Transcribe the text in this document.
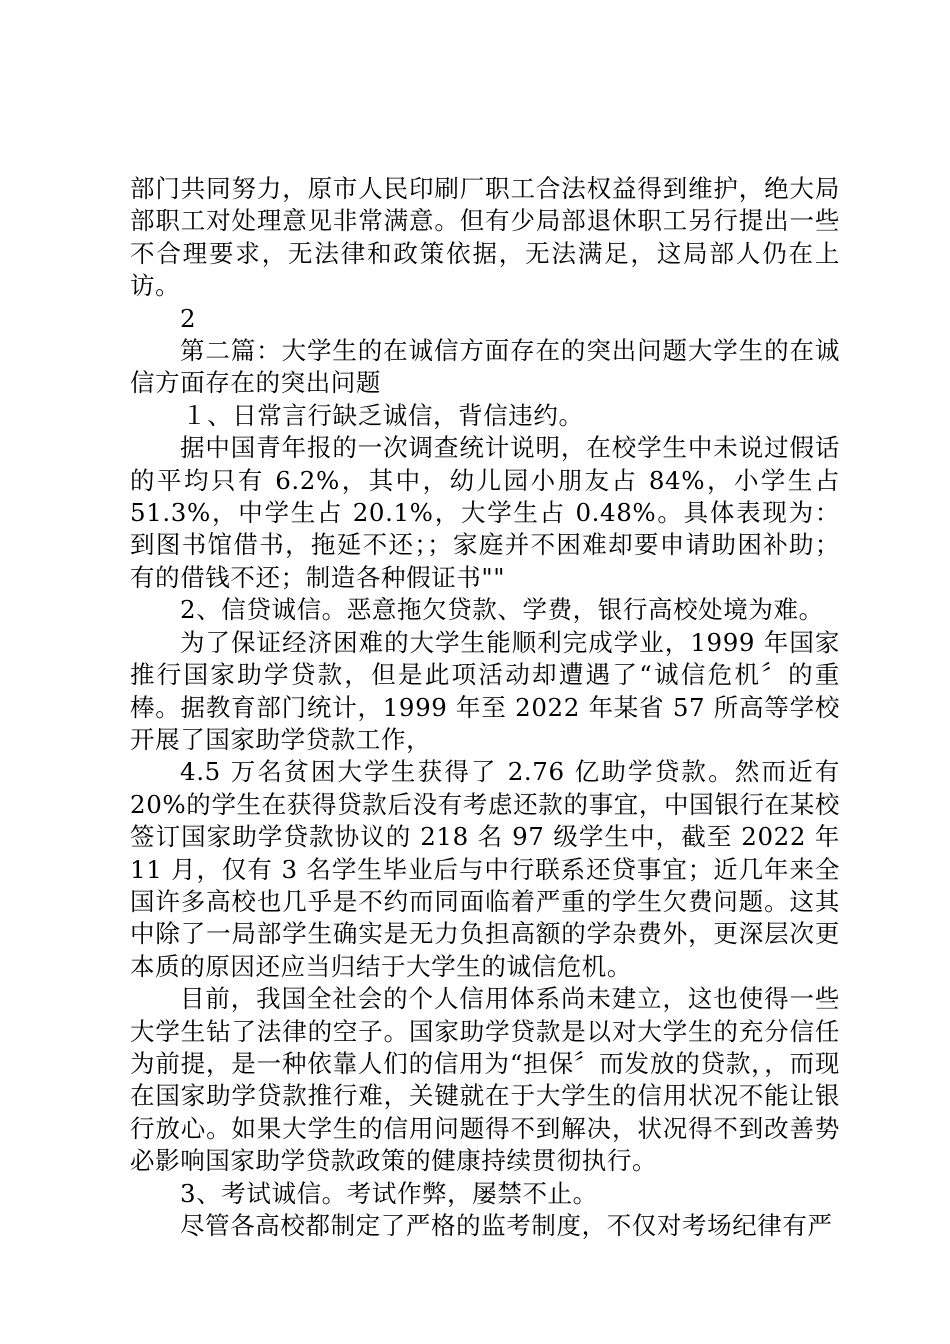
部门共同努力，原市人民印刷厂职工合法权益得到维护，绝大局部职工对处理意见非常满意。但有少局部退休职工另行提出一些不合理要求，无法律和政策依据，无法满足，这局部人仍在上访。

2

第二篇：大学生的在诚信方面存在的突出问题大学生的在诚信方面存在的突出问题

１、日常言行缺乏诚信，背信违约。

据中国青年报的一次调查统计说明，在校学生中未说过假话的平均只有 6.2%，其中，幼儿园小朋友占 84%，小学生占 51.3%，中学生占 20.1%，大学生占 0.48%。具体表现为：到图书馆借书，拖延不还；；家庭并不困难却要申请助困补助；有的借钱不还；制造各种假证书""

2、信贷诚信。恶意拖欠贷款、学费，银行高校处境为难。

为了保证经济困难的大学生能顺利完成学业，1999 年国家推行国家助学贷款，但是此项活动却遭遇了“诚信危机〞的重棒。据教育部门统计，1999 年至 2022 年某省 57 所高等学校开展了国家助学贷款工作，

4.5 万名贫困大学生获得了 2.76 亿助学贷款。然而近有 20%的学生在获得贷款后没有考虑还款的事宜，中国银行在某校签订国家助学贷款协议的 218 名 97 级学生中，截至 2022 年 11 月，仅有 3 名学生毕业后与中行联系还贷事宜；近几年来全国许多高校也几乎是不约而同面临着严重的学生欠费问题。这其中除了一局部学生确实是无力负担高额的学杂费外，更深层次更本质的原因还应当归结于大学生的诚信危机。

目前，我国全社会的个人信用体系尚未建立，这也使得一些大学生钻了法律的空子。国家助学贷款是以对大学生的充分信任为前提，是一种依靠人们的信用为“担保〞而发放的贷款，，而现在国家助学贷款推行难，关键就在于大学生的信用状况不能让银行放心。如果大学生的信用问题得不到解决，状况得不到改善势必影响国家助学贷款政策的健康持续贯彻执行。

3、考试诚信。考试作弊，屡禁不止。

尽管各高校都制定了严格的监考制度，不仅对考场纪律有严
